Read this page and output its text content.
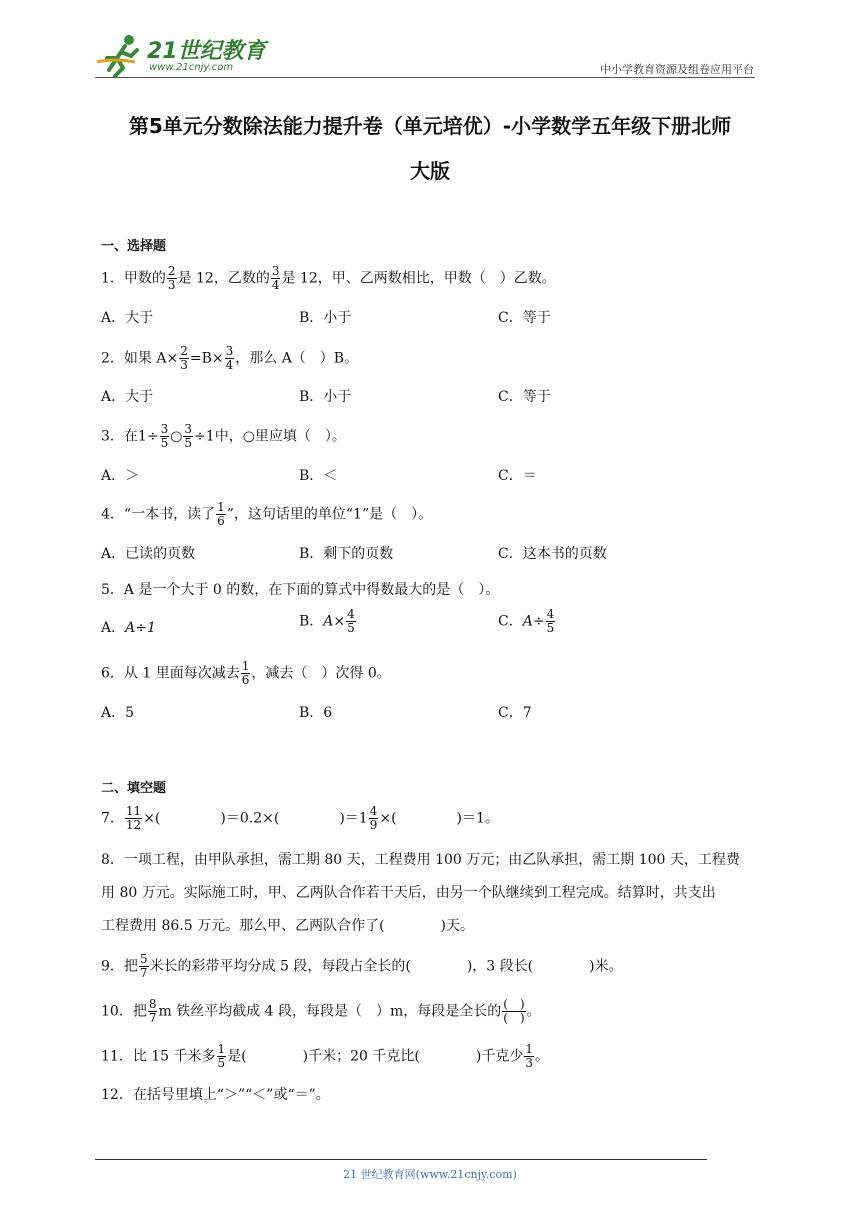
21世纪教育
www.21cnjy.com	中小学教育资源及组卷应用平台
第5单元分数除法能力提升卷（单元培优）-小学数学五年级下册北师
大版
一、选择题
1．甲数的 $\frac{2}{3}$ 是 12，乙数的 $\frac{3}{4}$ 是 12，甲、乙两数相比，甲数（　）乙数。
A．大于	B．小于	C．等于
2．如果 $A\times \frac{2}{3} =B\times \frac{3}{4}$ ，那么 A（　）B。
A．大于	B．小于	C．等于
3．在$1\div \frac{3}{5}$ ○ $\frac{3}{5} \div 1$中，○里应填（　）。
A．＞	B．＜	C．＝
4．“一本书，读了 $\frac{1}{6}$ ”，这句话里的单位“1”是（　）。
A．已读的页数	B．剩下的页数	C．这本书的页数
5．A 是一个大于 0 的数，在下面的算式中得数最大的是（　）。
A．A÷1	B．$A\times \frac{4}{5}$	C．$A\div \frac{4}{5}$
6．从 1 里面每次减去 $\frac{1}{6}$ ，减去（　）次得 0。
A．5	B．6	C．7
二、填空题
7． $\frac{11}{12}$ ×(	)＝0.2×(	)$=1 \frac{4}{9}$ ×(	)＝1。
8．一项工程，由甲队承担，需工期 80 天，工程费用 100 万元；由乙队承担，需工期 100 天，工程费
用 80 万元。实际施工时，甲、乙两队合作若干天后，由另一个队继续到工程完成。结算时，共支出
工程费用 86.5 万元。那么甲、乙两队合作了(	)天。
9．把 $\frac{5}{7}$ 米长的彩带平均分成 5 段，每段占全长的(	)，3 段长(	)米。
10．把 $\frac{8}{7}$ m 铁丝平均截成 4 段，每段是（　）m，每段是全长的 $\frac{( )}{( )}$ 。
11．比 15 千米多 $\frac{1}{5}$ 是(	)千米；20 千克比(	)千克少 $\frac{1}{3}$ 。
12．在括号里填上“＞”“＜”或“＝”。
21 世纪教育网(www.21cnjy.com)
